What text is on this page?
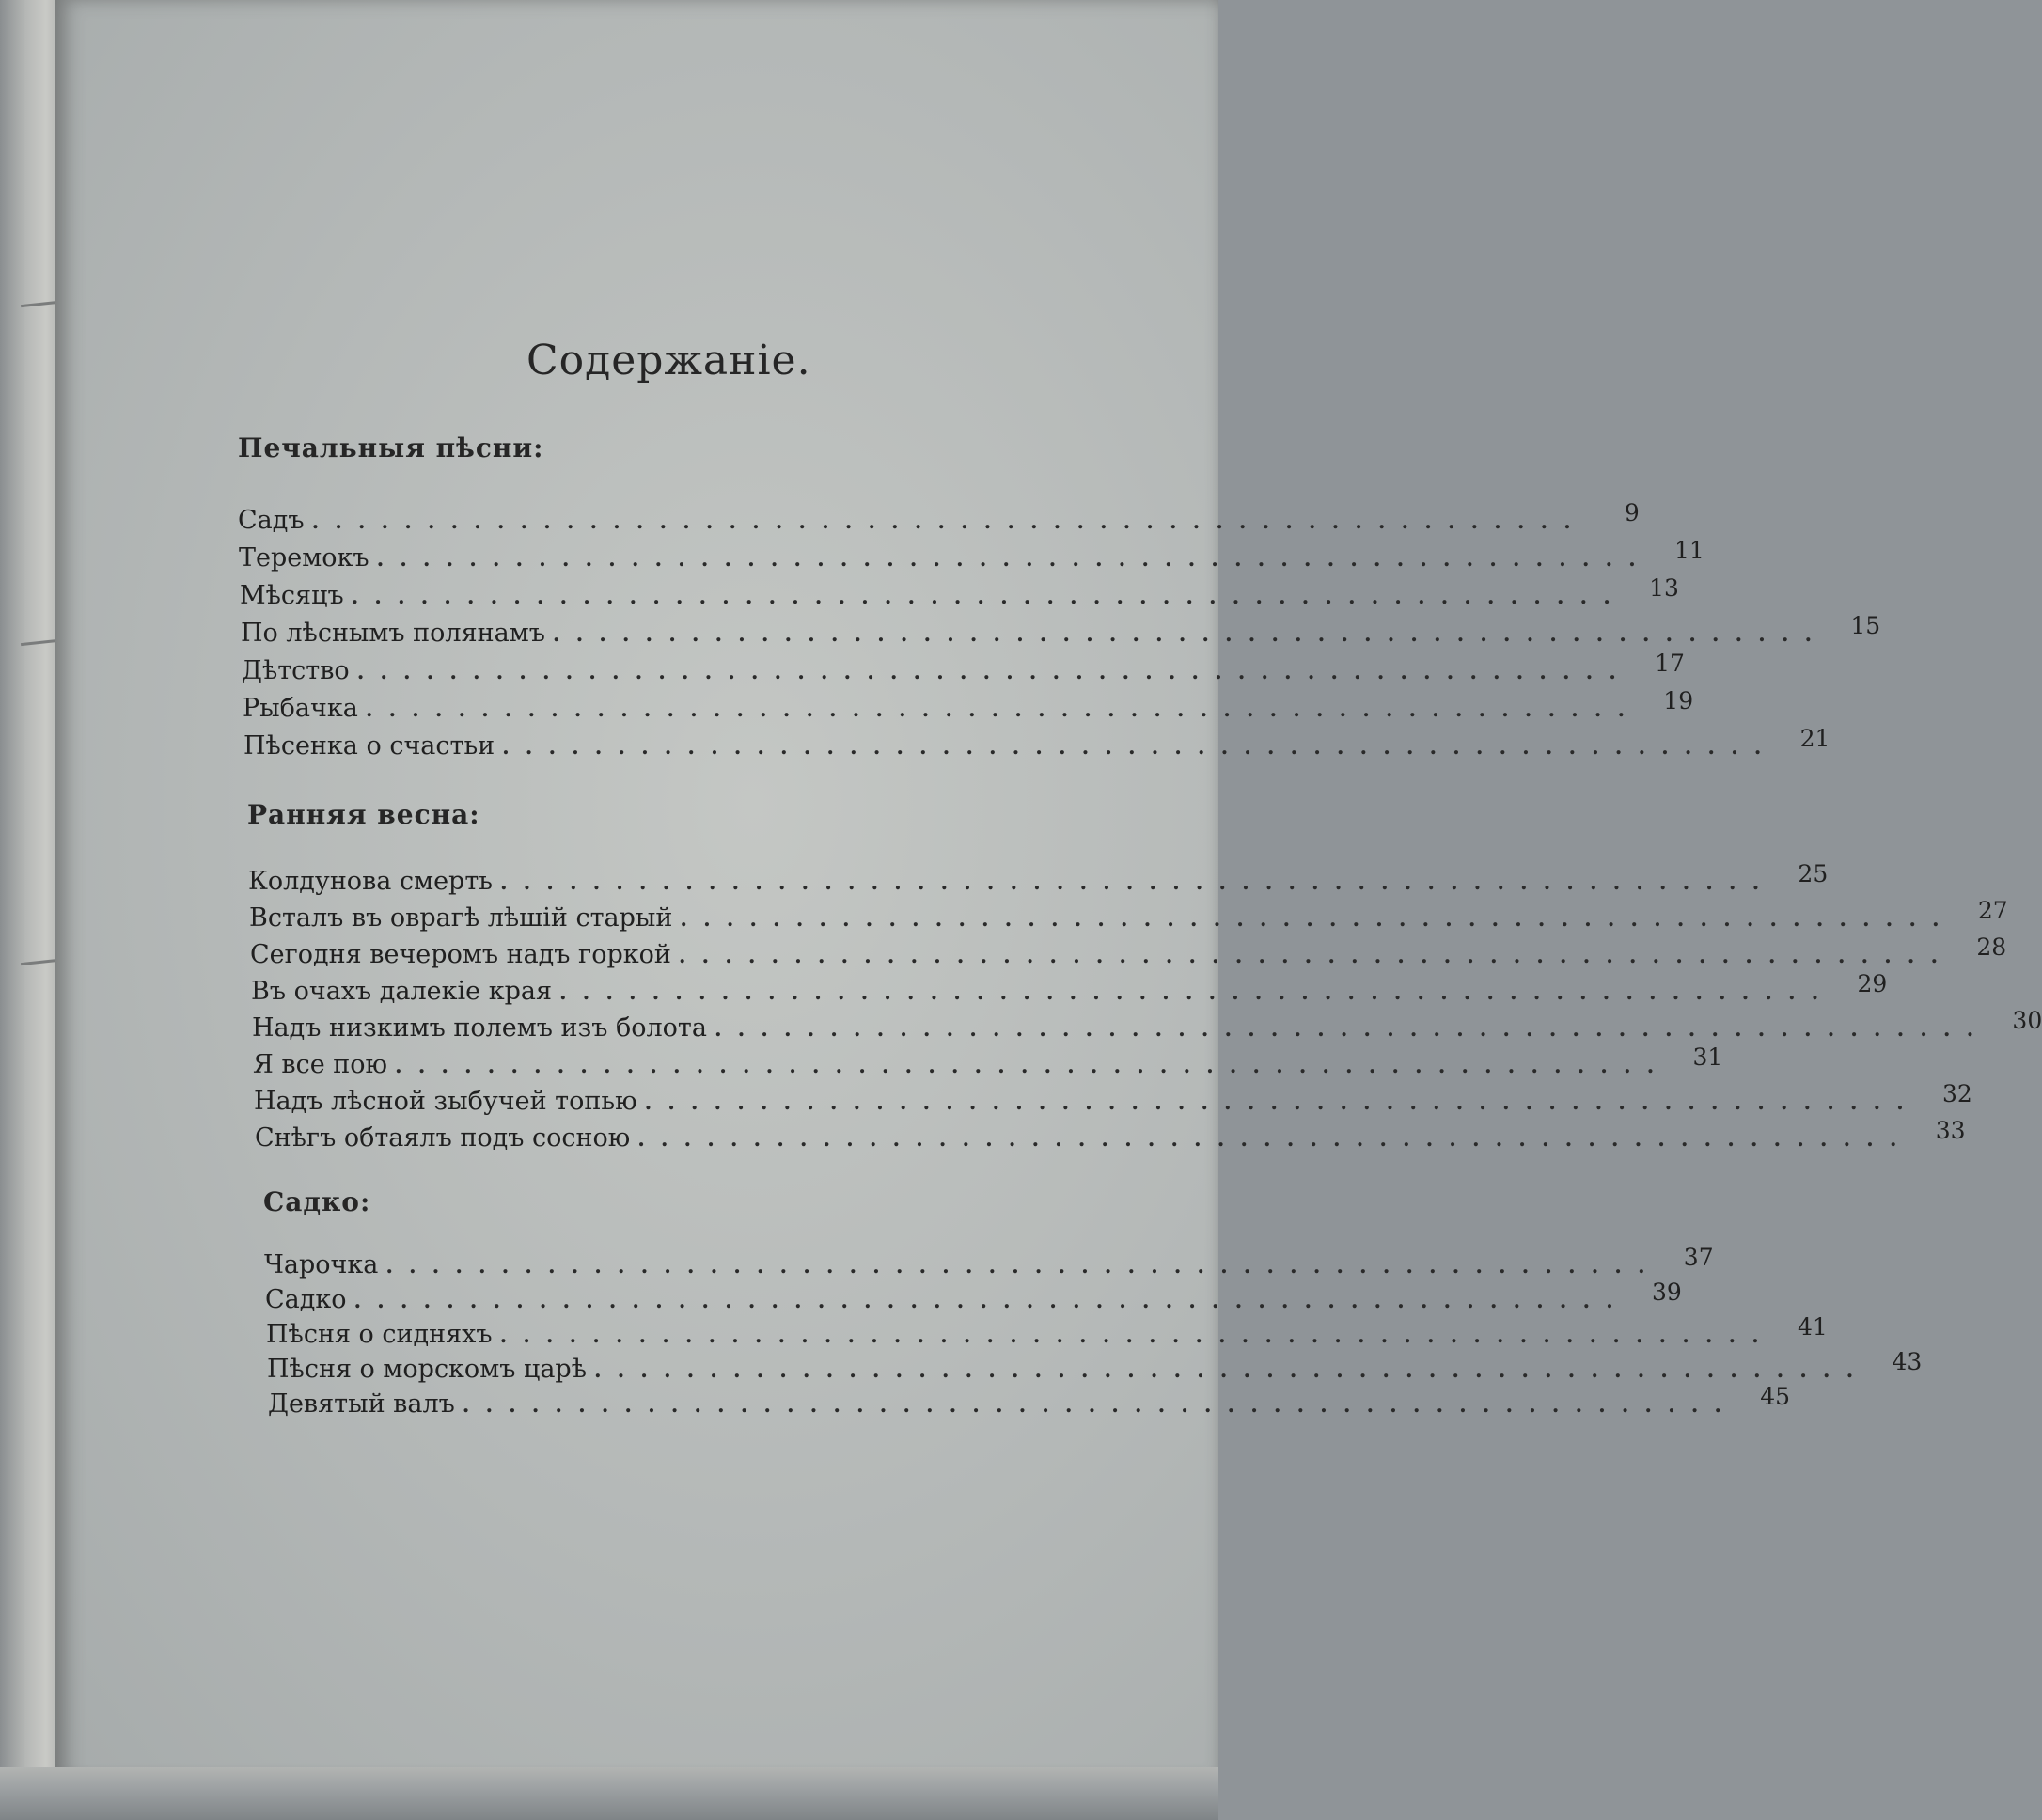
Содержанiе.
Печальныя пѣсни:
Садъ .......................................................	9
Теремокъ ....................................................... 11
Мѣсяцъ ....................................................... 13
По лѣснымъ полянамъ ....................................................... 15
Дѣтство ....................................................... 17
Рыбачка ....................................................... 19
Пѣсенка о счастьи ....................................................... 21
Ранняя весна:
Колдунова смерть ....................................................... 25
Всталъ въ оврагѣ лѣшiй старый ....................................................... 27
Сегодня вечеромъ надъ горкой ....................................................... 28
Въ очахъ далекiе края ....................................................... 29
Надъ низкимъ полемъ изъ болота ....................................................... 30
Я все пою ....................................................... 31
Надъ лѣсной зыбучей топью ....................................................... 32
Снѣгъ обтаялъ подъ сосною ....................................................... 33
Садко:
Чарочка ....................................................... 37
Садко ....................................................... 39
Пѣсня о сидняхъ ....................................................... 41
Пѣсня о морскомъ царѣ ....................................................... 43
Девятый валъ ....................................................... 45
